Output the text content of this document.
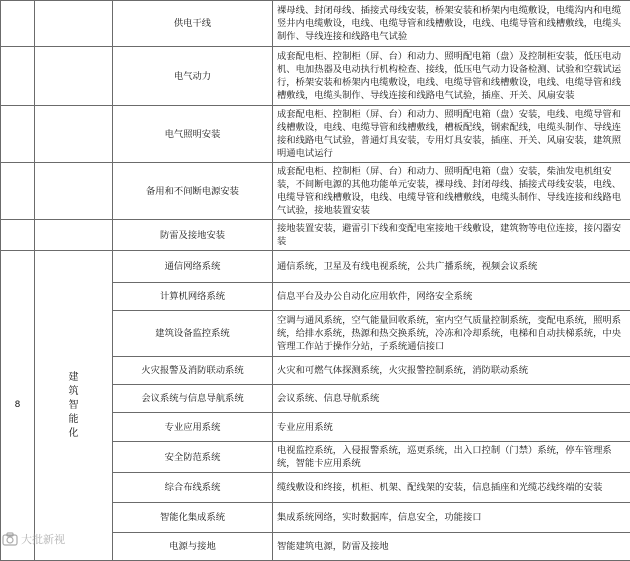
		供电干线	裸母线、封闭母线、插接式母线安装，桥架安装和桥架内电缆敷设，电缆沟内和电缆竖井内电缆敷设，电线、电缆导管和线槽敷设，电线、电缆导管和线槽敷线，电缆头制作、导线连接和线路电气试验
		电气动力	成套配电柜、控制柜（屏、台）和动力、照明配电箱（盘）及控制柜安装，低压电动机、电加热器及电动执行机构检查、接线，低压电气动力设备检测、试验和空载试运行，桥架安装和桥架内电缆敷设，电线、电缆导管和线槽敷设，电线、电缆导管和线槽敷线，电缆头制作、导线连接和线路电气试验，插座、开关、风扇安装
		电气照明安装	成套配电柜、控制柜（屏、台）和动力、照明配电箱（盘）安装，电线、电缆导管和线槽敷设，电线、电缆导管和线槽敷线，槽板配线，钢索配线，电缆头制作、导线连接和线路电气试验，普通灯具安装，专用灯具安装，插座、开关、风扇安装，建筑照明通电试运行
		备用和不间断电源安装	成套配电柜、控制柜（屏、台）和动力、照明配电箱（盘）安装，柴油发电机组安装，不间断电源的其他功能单元安装，裸母线、封闭母线、插接式母线安装，电线、电缆导管和线槽敷设，电线、电缆导管和线槽敷线，电缆头制作、导线连接和线路电气试验，接地装置安装
		防雷及接地安装	接地装置安装，避雷引下线和变配电室接地干线敷设，建筑物等电位连接，接闪器安装
8	建筑智能化	通信网络系统	通信系统，卫星及有线电视系统，公共广播系统，视频会议系统
		计算机网络系统	信息平台及办公自动化应用软件，网络安全系统
		建筑设备监控系统	空调与通风系统，空气能量回收系统，室内空气质量控制系统，变配电系统，照明系统，给排水系统，热源和热交换系统，冷冻和冷却系统，电梯和自动扶梯系统，中央管理工作站于操作分站，子系统通信接口
		火灾报警及消防联动系统	火灾和可燃气体探测系统，火灾报警控制系统，消防联动系统
		会议系统与信息导航系统	会议系统、信息导航系统
		专业应用系统	专业应用系统
		安全防范系统	电视监控系统，入侵报警系统，巡更系统，出入口控制（门禁）系统，停车管理系统，智能卡应用系统
		综合布线系统	缆线敷设和终接，机柜、机架、配线架的安装，信息插座和光缆芯线终端的安装
		智能化集成系统	集成系统网络，实时数据库，信息安全，功能接口
		电源与接地	智能建筑电源，防雷及接地
大批新视
